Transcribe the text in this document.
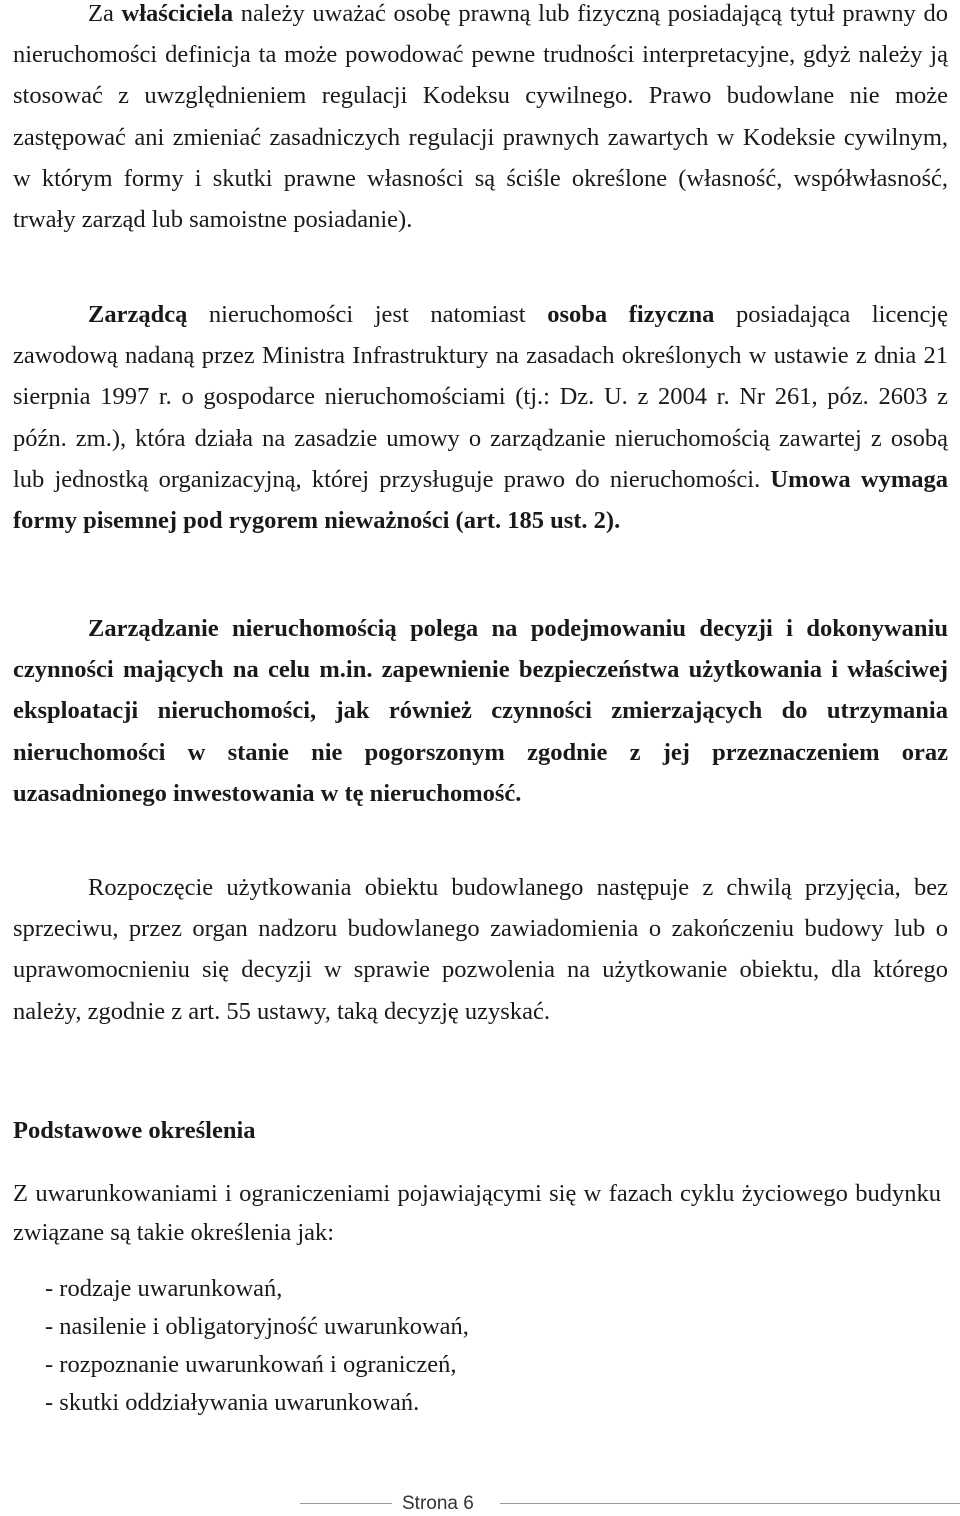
Za właściciela należy uważać osobę prawną lub fizyczną posiadającą tytuł prawny do nieruchomości definicja ta może powodować pewne trudności interpretacyjne, gdyż należy ją stosować z uwzględnieniem regulacji Kodeksu cywilnego. Prawo budowlane nie może zastępować ani zmieniać zasadniczych regulacji prawnych zawartych w Kodeksie cywilnym, w którym formy i skutki prawne własności są ściśle określone (własność, współwłasność, trwały zarząd lub samoistne posiadanie).

Zarządcą nieruchomości jest natomiast osoba fizyczna posiadająca licencję zawodową nadaną przez Ministra Infrastruktury na zasadach określonych w ustawie z dnia 21 sierpnia 1997 r. o gospodarce nieruchomościami (tj.: Dz. U. z 2004 r. Nr 261, póz. 2603 z późn. zm.), która działa na zasadzie umowy o zarządzanie nieruchomością zawartej z osobą lub jednostką organizacyjną, której przysługuje prawo do nieruchomości. Umowa wymaga formy pisemnej pod rygorem nieważności (art. 185 ust. 2).

Zarządzanie nieruchomością polega na podejmowaniu decyzji i dokonywaniu czynności mających na celu m.in. zapewnienie bezpieczeństwa użytkowania i właściwej eksploatacji nieruchomości, jak również czynności zmierzających do utrzymania nieruchomości w stanie nie pogorszonym zgodnie z jej przeznaczeniem oraz uzasadnionego inwestowania w tę nieruchomość.

Rozpoczęcie użytkowania obiektu budowlanego następuje z chwilą przyjęcia, bez sprzeciwu, przez organ nadzoru budowlanego zawiadomienia o zakończeniu budowy lub o uprawomocnieniu się decyzji w sprawie pozwolenia na użytkowanie obiektu, dla którego należy, zgodnie z art. 55 ustawy, taką decyzję uzyskać.

Podstawowe określenia

Z uwarunkowaniami i ograniczeniami pojawiającymi się w fazach cyklu życiowego budynku związane są takie określenia jak:

- rodzaje uwarunkowań,
- nasilenie i obligatoryjność uwarunkowań,
- rozpoznanie uwarunkowań i ograniczeń,
- skutki oddziaływania uwarunkowań.
Strona 6
